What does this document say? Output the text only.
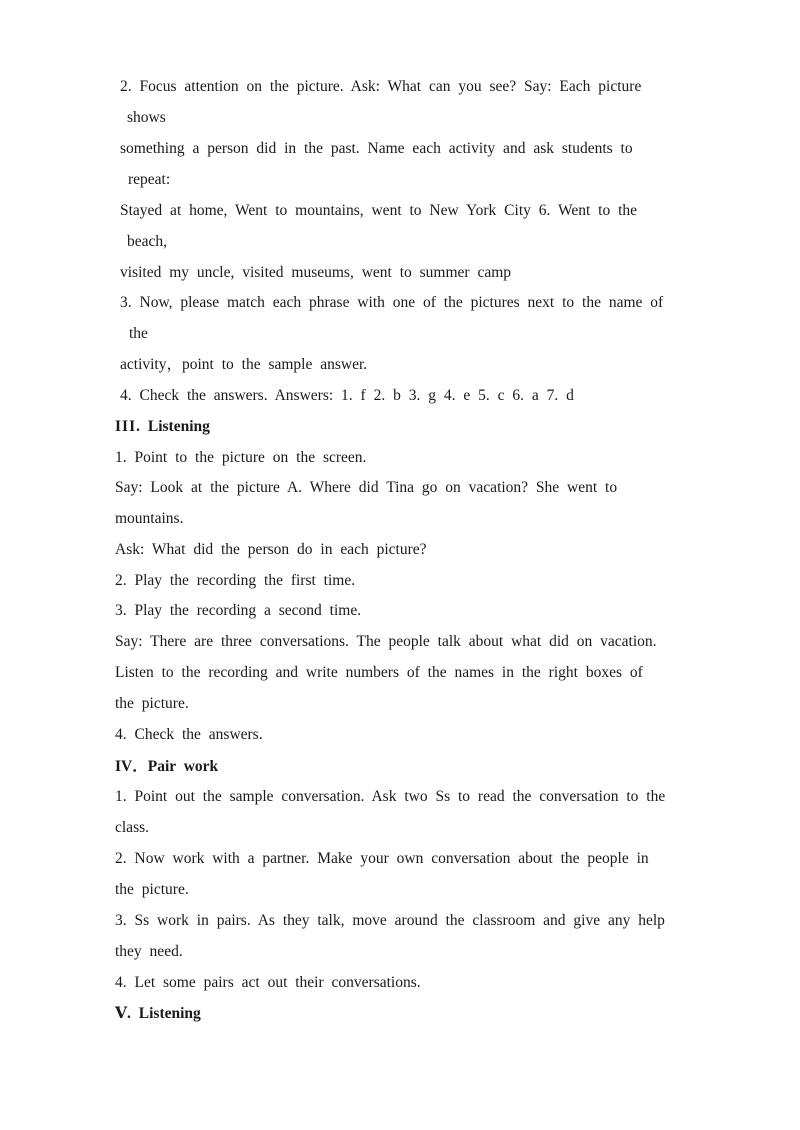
2. Focus attention on the picture. Ask: What can you see? Say: Each picture
shows
something a person did in the past. Name each activity and ask students to
repeat:
Stayed at home, Went to mountains, went to New York City 6. Went to the
beach,
visited my uncle, visited museums, went to summer camp
3. Now, please match each phrase with one of the pictures next to the name of
the
activity，point to the sample answer.
4. Check the answers. Answers: 1. f 2. b 3. g 4. e 5. c 6. a 7. d
III. Listening
1. Point to the picture on the screen.
Say: Look at the picture A. Where did Tina go on vacation? She went to
mountains.
Ask: What did the person do in each picture?
2. Play the recording the first time.
3. Play the recording a second time.
Say: There are three conversations. The people talk about what did on vacation.
Listen to the recording and write numbers of the names in the right boxes of
the picture.
4. Check the answers.
IV．Pair work
1. Point out the sample conversation. Ask two Ss to read the conversation to the
class.
2. Now work with a partner. Make your own conversation about the people in
the picture.
3. Ss work in pairs. As they talk, move around the classroom and give any help
they need.
4. Let some pairs act out their conversations.
Ⅴ. Listening
